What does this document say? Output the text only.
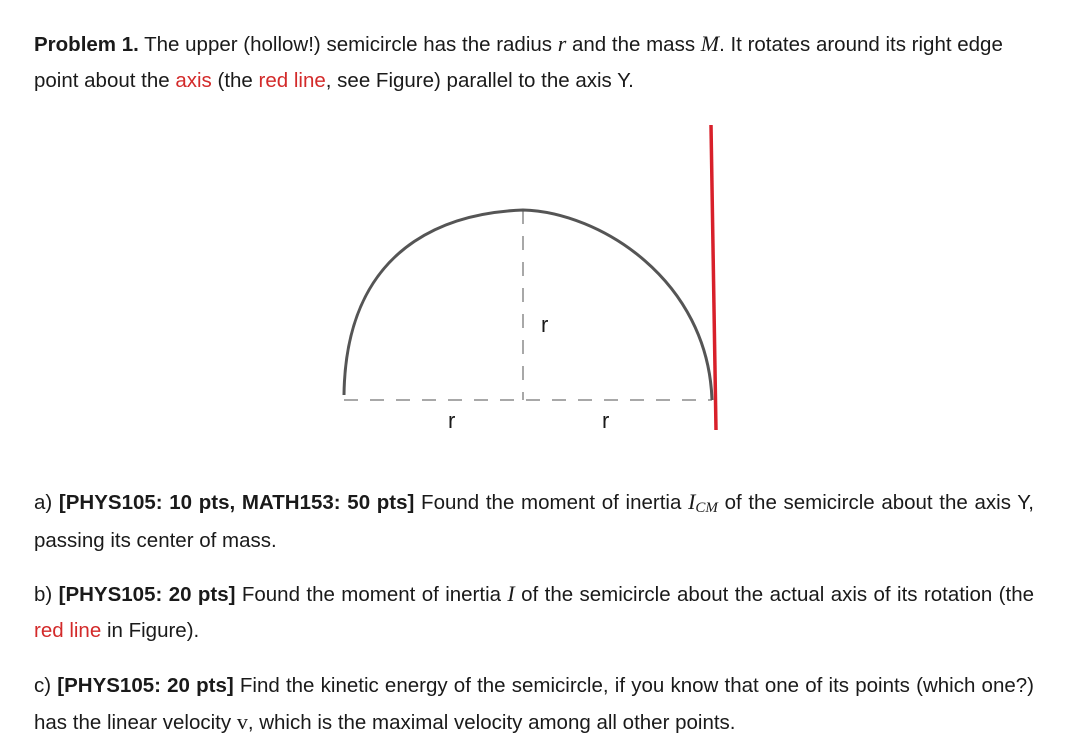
Problem 1. The upper (hollow!) semicircle has the radius r and the mass M. It rotates around its right edge point about the axis (the red line, see Figure) parallel to the axis Y.

r
r	r

a) [PHYS105: 10 pts, MATH153: 50 pts] Found the moment of inertia ICM of the semicircle about the axis Y, passing its center of mass.

b) [PHYS105: 20 pts] Found the moment of inertia I of the semicircle about the actual axis of its rotation (the red line in Figure).

c) [PHYS105: 20 pts] Find the kinetic energy of the semicircle, if you know that one of its points (which one?) has the linear velocity v, which is the maximal velocity among all other points.
